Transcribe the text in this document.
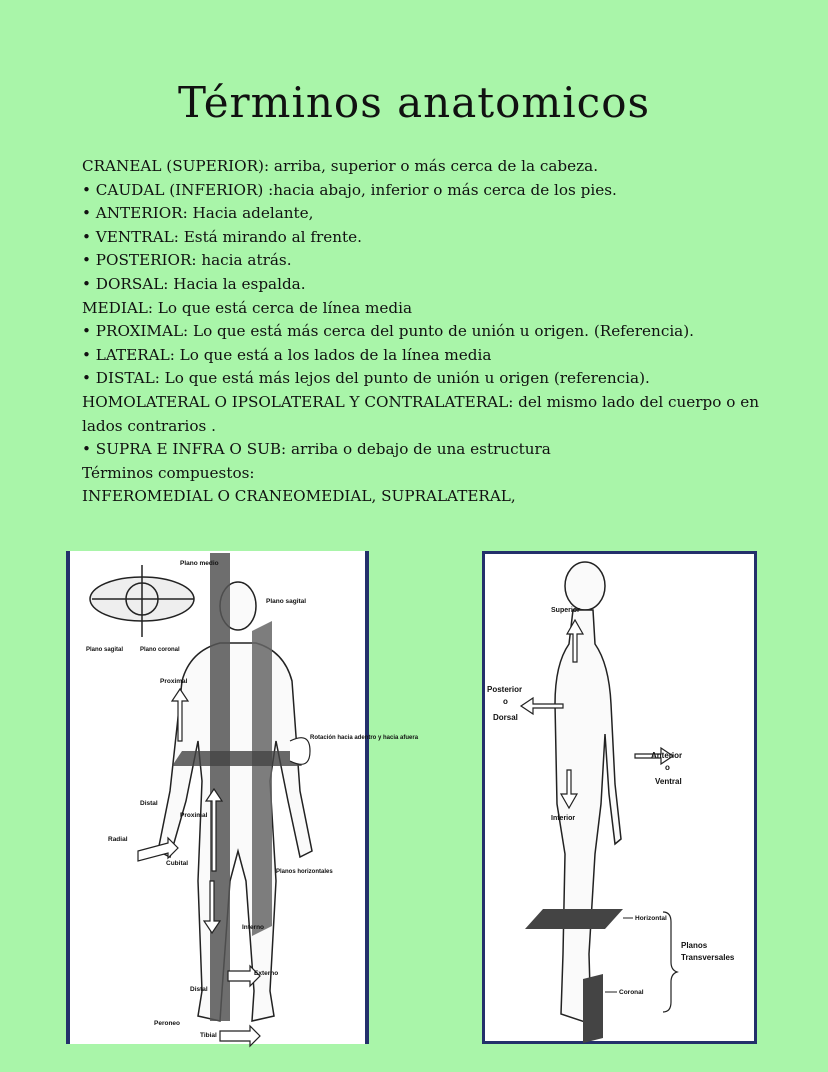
Términos anatomicos
CRANEAL (SUPERIOR): arriba, superior o más cerca de la cabeza.
• CAUDAL (INFERIOR) :hacia abajo, inferior o más cerca de los pies.
• ANTERIOR: Hacia adelante,
• VENTRAL: Está mirando al frente.
• POSTERIOR: hacia atrás.
• DORSAL: Hacia la espalda.
MEDIAL: Lo que está cerca de línea media
• PROXIMAL: Lo que está más cerca del punto de unión u origen. (Referencia).
• LATERAL: Lo que está a los lados de la línea media
• DISTAL: Lo que está más lejos del punto de unión u origen (referencia).
HOMOLATERAL O IPSOLATERAL Y CONTRALATERAL: del mismo lado del cuerpo o en lados contrarios .
• SUPRA E INFRA O SUB: arriba o debajo de una estructura
Términos compuestos:
INFEROMEDIAL O CRANEOMEDIAL, SUPRALATERAL,
Plano medio
Plano sagital
Plano sagital	Plano coronal
Proximal
Rotación hacia adentro y hacia afuera
Distal
Proximal
Radial
Cubital
Planos horizontales
Interno
Externo
Distal
Peroneo
Tibial
Superior
Posterior
o
Dorsal
Anterior
o
Ventral
Inferior
Horizontal
Planos
Transversales
Coronal
